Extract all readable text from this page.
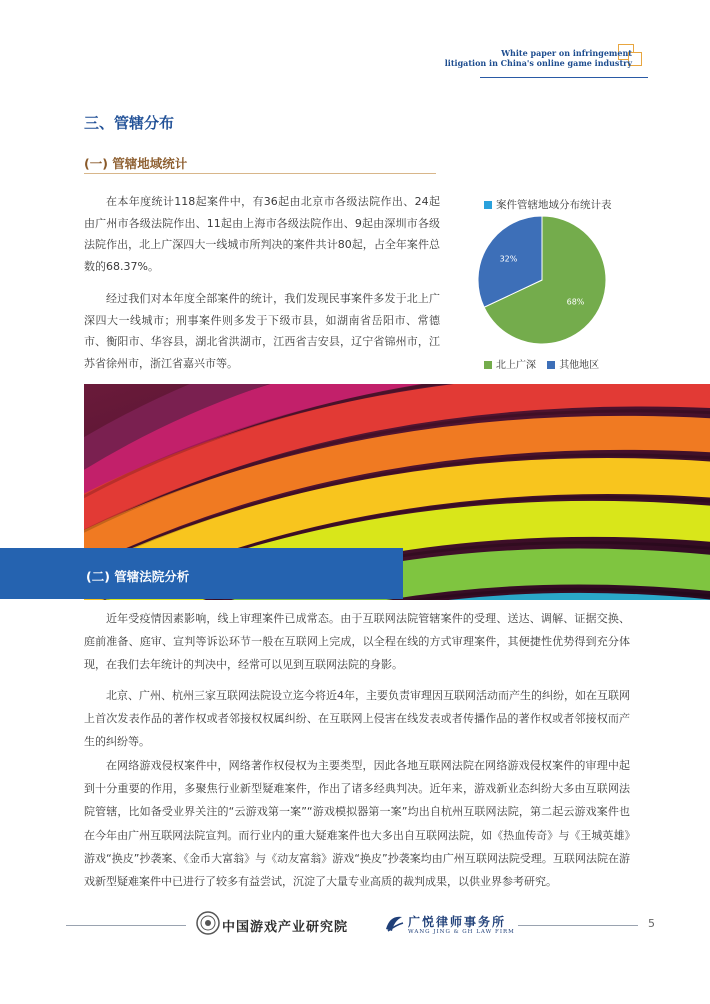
White paper on infringement
litigation in China's online game industry
三、管辖分布
(一) 管辖地域统计
在本年度统计118起案件中，有36起由北京市各级法院作出、24起由广州市各级法院作出、11起由上海市各级法院作出、9起由深圳市各级法院作出，北上广深四大一线城市所判决的案件共计80起，占全年案件总数的68.37%。
经过我们对本年度全部案件的统计，我们发现民事案件多发于北上广深四大一线城市；刑事案件则多发于下级市县，如湖南省岳阳市、常德市、衡阳市、华容县，湖北省洪湖市，江西省吉安县，辽宁省锦州市，江苏省徐州市，浙江省嘉兴市等。
案件管辖地域分布统计表
68%
32%
北上广深 其他地区
(二) 管辖法院分析
近年受疫情因素影响，线上审理案件已成常态。由于互联网法院管辖案件的受理、送达、调解、证据交换、庭前准备、庭审、宣判等诉讼环节一般在互联网上完成，以全程在线的方式审理案件，其便捷性优势得到充分体现，在我们去年统计的判决中，经常可以见到互联网法院的身影。
北京、广州、杭州三家互联网法院设立迄今将近4年，主要负责审理因互联网活动而产生的纠纷，如在互联网上首次发表作品的著作权或者邻接权权属纠纷、在互联网上侵害在线发表或者传播作品的著作权或者邻接权而产生的纠纷等。
在网络游戏侵权案件中，网络著作权侵权为主要类型，因此各地互联网法院在网络游戏侵权案件的审理中起到十分重要的作用，多聚焦行业新型疑难案件，作出了诸多经典判决。近年来，游戏新业态纠纷大多由互联网法院管辖，比如备受业界关注的“云游戏第一案”“游戏模拟器第一案”均出自杭州互联网法院，第二起云游戏案件也在今年由广州互联网法院宣判。而行业内的重大疑难案件也大多出自互联网法院，如《热血传奇》与《王城英雄》游戏“换皮”抄袭案、《金币大富翁》与《动友富翁》游戏“换皮”抄袭案均由广州互联网法院受理。互联网法院在游戏新型疑难案件中已进行了较多有益尝试，沉淀了大量专业高质的裁判成果，以供业界参考研究。
中国游戏产业研究院	广悦律师事务所
WANG JING & GH LAW FIRM
5
